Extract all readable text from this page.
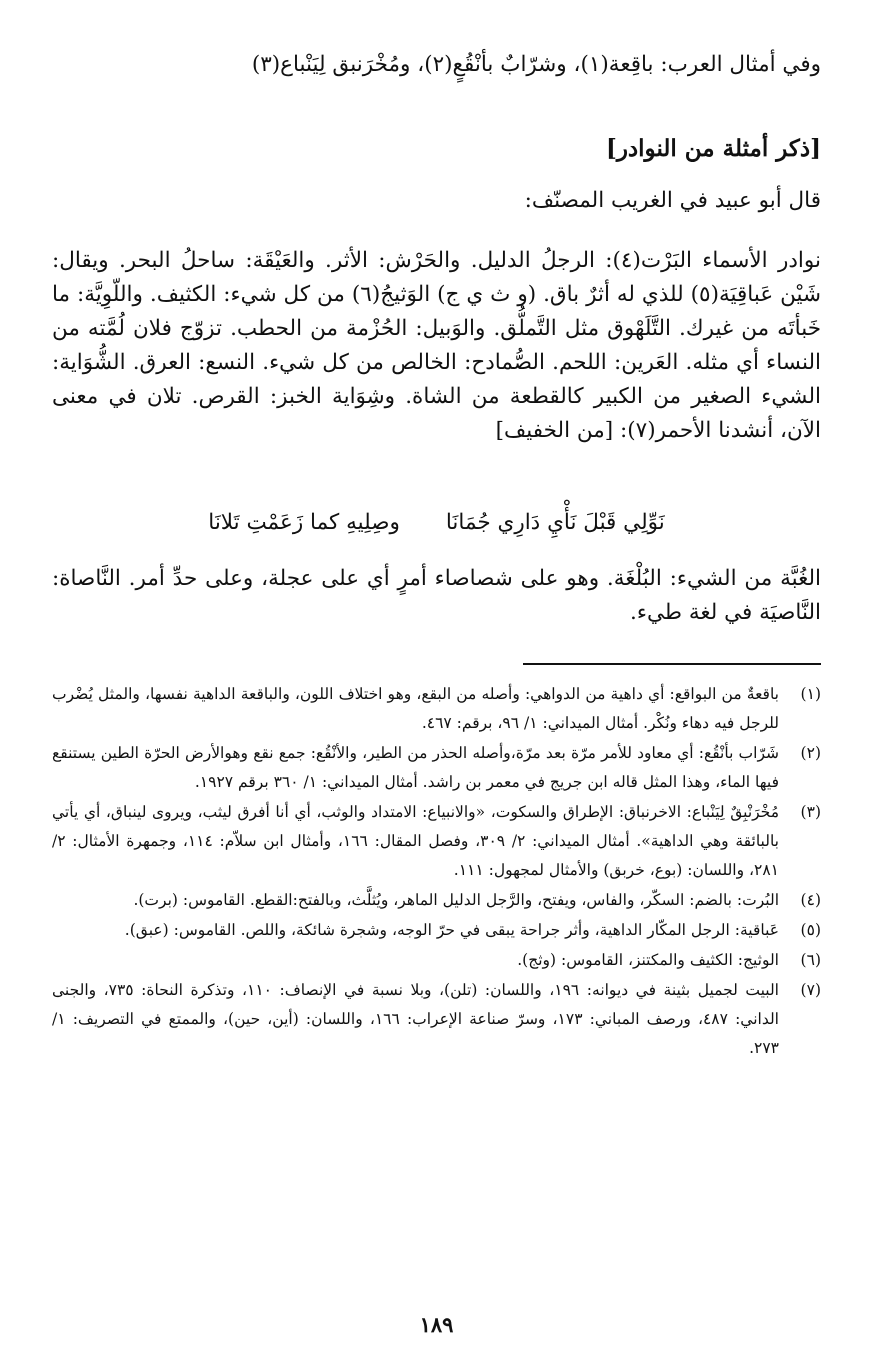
وفي أمثال العرب: باقِعة(١)، وشرّابٌ بأنْقُعٍ(٢)، ومُخْرَنبق لِيَنْباع(٣)
[ذكر أمثلة من النوادر]
قال أبو عبيد في الغريب المصنّف:
نوادر الأسماء البَرْت(٤): الرجلُ الدليل. والحَرْش: الأثر. والعَيْقَة: ساحلُ البحر. ويقال: شَيْن عَباقِيَة(٥) للذي له أثرٌ باق. (و ث ي ج) الوَثيجُ(٦) من كل شيء: الكثيف. واللّوِيَّة: ما خَبأتَه من غيرك. التَّلَهْوق مثل التَّملُّق. والوَبيل: الحُزْمة من الحطب. تزوّج فلان لُمَّته من النساء أي مثله. العَرين: اللحم. الصُّمادح: الخالص من كل شيء. النسع: العرق. الشُّوَاية: الشيء الصغير من الكبير كالقطعة من الشاة. وشِوَاية الخبز: القرص. تلان في معنى الآن، أنشدنا الأحمر(٧): [من الخفيف]
نَوِّلِي قَبْلَ نَأْيِ دَارِي جُمَانَا
وصِلِيهِ كما زَعَمْتِ تَلانَا
الغُبَّة من الشيء: البُلْغَة. وهو على شصاصاء أمرٍ أي على عجلة، وعلى حدِّ أمر. النَّاصاة: النَّاصيَة في لغة طيء.
(١)
باقعةٌ من البواقع: أي داهية من الدواهي: وأصله من البقع، وهو اختلاف اللون، والباقعة الداهية نفسها، والمثل يُضْرب للرجل فيه دهاء ونُكْر. أمثال الميداني: ١/ ٩٦، برقم: ٤٦٧.
(٢)
شَرّاب بأنْقُع: أي معاود للأمر مرّة بعد مرّة،وأصله الحذر من الطير، والأنْقُع: جمع نقع وهوالأرض الحرّة الطين يستنقع فيها الماء، وهذا المثل قاله ابن جريج في معمر بن راشد. أمثال الميداني: ١/ ٣٦٠ برقم ١٩٢٧.
(٣)
مُخْرَنْبِقٌ لِيَنْباع: الاخرنباق: الإطراق والسكوت، «والانبياع: الامتداد والوثب، أي أنا أفرق ليثب، ويروى لينباق، أي يأتي بالبائقة وهي الداهية». أمثال الميداني: ٢/ ٣٠٩، وفصل المقال: ١٦٦، وأمثال ابن سلاّم: ١١٤، وجمهرة الأمثال: ٢/ ٢٨١، واللسان: (بوع، خربق) والأمثال لمجهول: ١١١.
(٤)
البُرت: بالضم: السكّر، والفاس، ويفتح، والرَّجل الدليل الماهر، ويُثلَّث، وبالفتح:القطع. القاموس: (برت).
(٥)
عَباقية: الرجل المكّار الداهية، وأثر جراحة يبقى في حرّ الوجه، وشجرة شائكة، واللص. القاموس: (عبق).
(٦)
الوثيج: الكثيف والمكتنز، القاموس: (وثج).
(٧)
البيت لجميل بثينة في ديوانه: ١٩٦، واللسان: (تلن)، وبلا نسبة في الإنصاف: ١١٠، وتذكرة النحاة: ٧٣٥، والجنى الداني: ٤٨٧، ورصف المباني: ١٧٣، وسرّ صناعة الإعراب: ١٦٦، واللسان: (أين، حين)، والممتع في التصريف: ١/ ٢٧٣.
١٨٩
